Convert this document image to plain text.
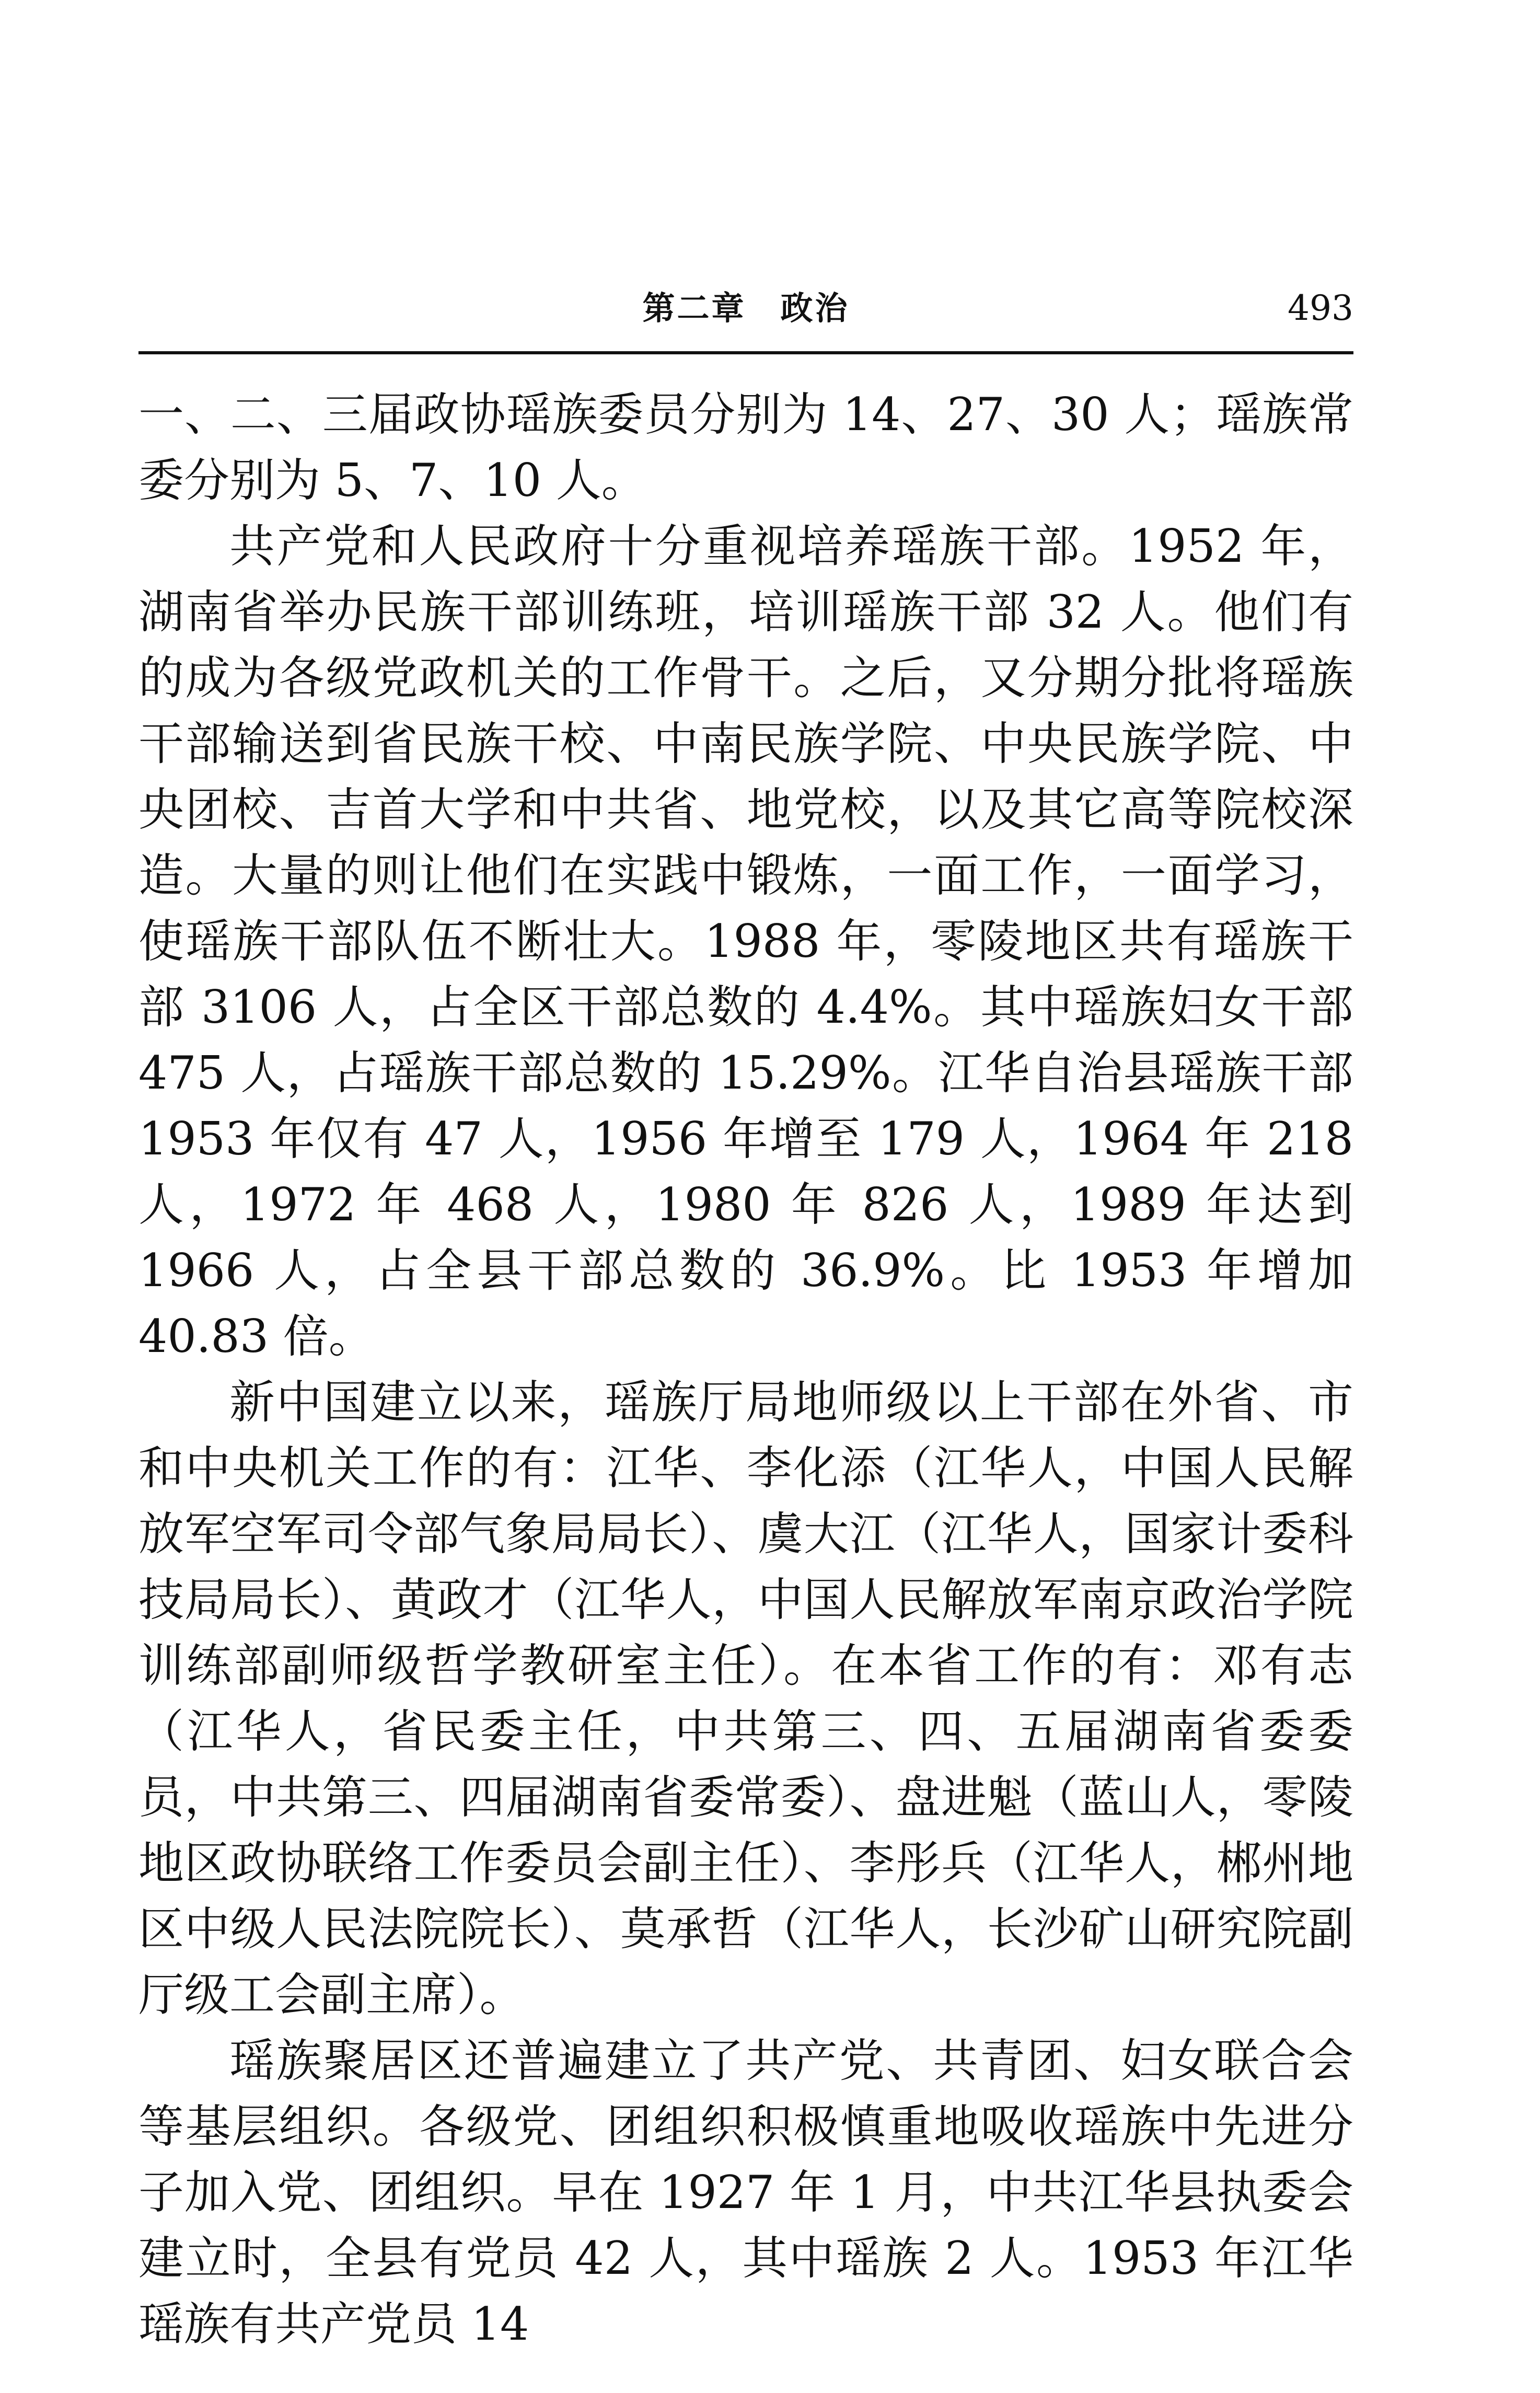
第二章　政治	493

一、二、三届政协瑶族委员分别为 14、27、30 人；瑶族常委分别为 5、7、10 人。

共产党和人民政府十分重视培养瑶族干部。1952 年，湖南省举办民族干部训练班，培训瑶族干部 32 人。他们有的成为各级党政机关的工作骨干。之后，又分期分批将瑶族干部输送到省民族干校、中南民族学院、中央民族学院、中央团校、吉首大学和中共省、地党校，以及其它高等院校深造。大量的则让他们在实践中锻炼，一面工作，一面学习，使瑶族干部队伍不断壮大。1988 年，零陵地区共有瑶族干部 3106 人，占全区干部总数的 4.4%。其中瑶族妇女干部 475 人，占瑶族干部总数的 15.29%。江华自治县瑶族干部 1953 年仅有 47 人，1956 年增至 179 人，1964 年 218 人，1972 年 468 人，1980 年 826 人，1989 年达到 1966 人，占全县干部总数的 36.9%。比 1953 年增加 40.83 倍。

新中国建立以来，瑶族厅局地师级以上干部在外省、市和中央机关工作的有：江华、李化添（江华人，中国人民解放军空军司令部气象局局长）、虞大江（江华人，国家计委科技局局长）、黄政才（江华人，中国人民解放军南京政治学院训练部副师级哲学教研室主任）。在本省工作的有：邓有志（江华人，省民委主任，中共第三、四、五届湖南省委委员，中共第三、四届湖南省委常委）、盘进魁（蓝山人，零陵地区政协联络工作委员会副主任）、李彤兵（江华人，郴州地区中级人民法院院长）、莫承哲（江华人，长沙矿山研究院副厅级工会副主席）。

瑶族聚居区还普遍建立了共产党、共青团、妇女联合会等基层组织。各级党、团组织积极慎重地吸收瑶族中先进分子加入党、团组织。早在 1927 年 1 月，中共江华县执委会建立时，全县有党员 42 人，其中瑶族 2 人。1953 年江华瑶族有共产党员 14
